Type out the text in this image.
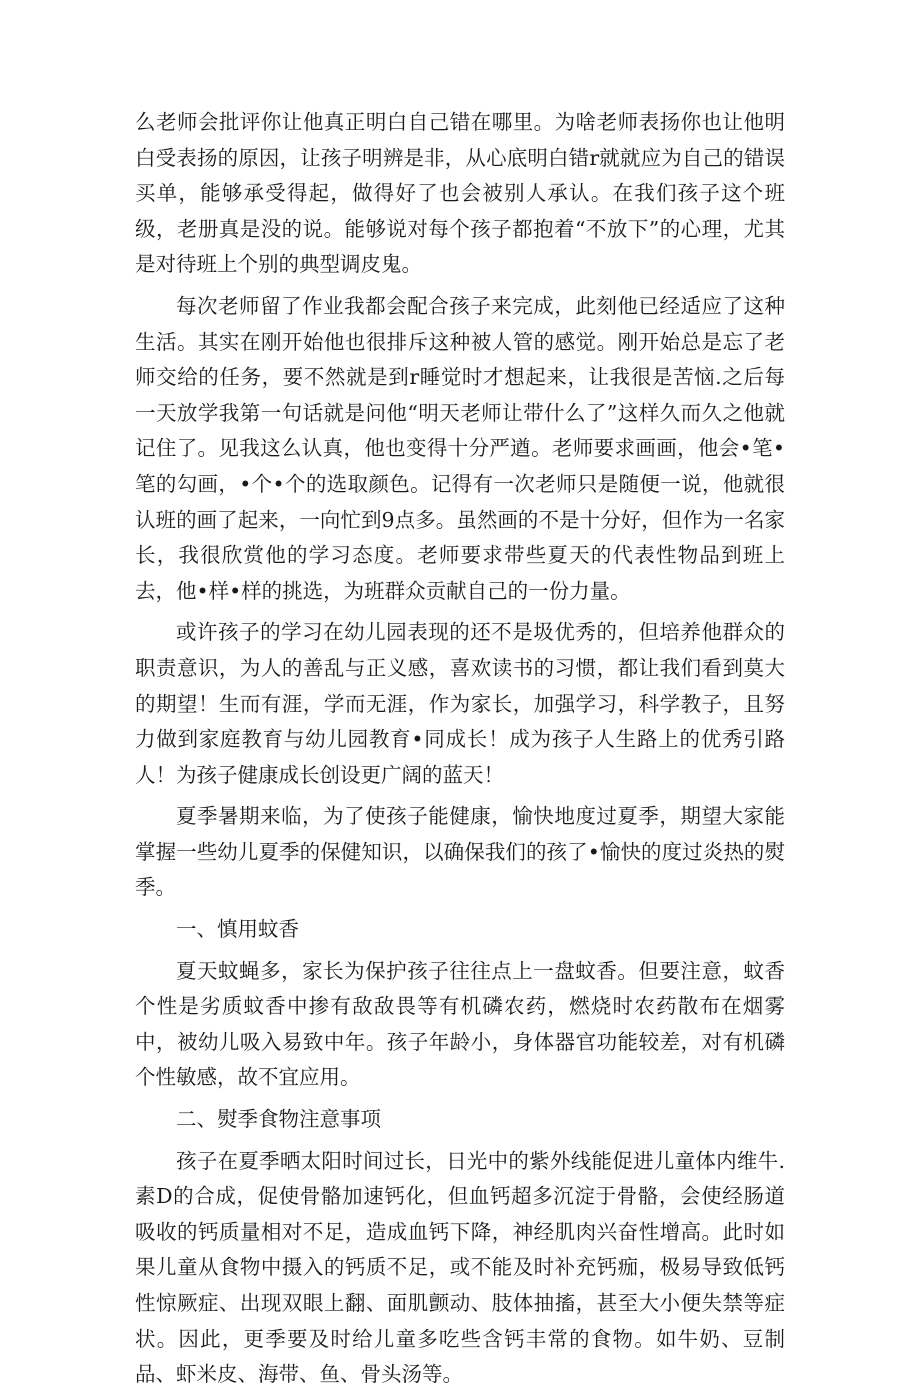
么老师会批评你让他真正明白自己错在哪里。为啥老师表扬你也让他明白受表扬的原因，让孩子明辨是非，从心底明白错r就就应为自己的错误买单，能够承受得起，做得好了也会被别人承认。在我们孩子这个班级，老册真是没的说。能够说对每个孩子都抱着“不放下”的心理，尤其是对待班上个别的典型调皮鬼。

每次老师留了作业我都会配合孩子来完成，此刻他已经适应了这种生活。其实在刚开始他也很排斥这种被人管的感觉。刚开始总是忘了老师交给的任务，要不然就是到r睡觉时才想起来，让我很是苦恼.之后每一天放学我第一句话就是问他“明天老师让带什么了”这样久而久之他就记住了。见我这么认真，他也变得十分严遒。老师要求画画，他会•笔•笔的勾画，•个•个的选取颜色。记得有一次老师只是随便一说，他就很认班的画了起来，一向忙到9点多。虽然画的不是十分好，但作为一名家长，我很欣赏他的学习态度。老师要求带些夏天的代表性物品到班上去，他•样•样的挑选，为班群众贡献自己的一份力量。

或许孩子的学习在幼儿园表现的还不是圾优秀的，但培养他群众的职责意识，为人的善乱与正义感，喜欢读书的习惯，都让我们看到莫大的期望！生而有涯，学而无涯，作为家长，加强学习，科学教子，且努力做到家庭教育与幼儿园教育•同成长！成为孩子人生路上的优秀引路人！为孩子健康成长创设更广阔的蓝天！

夏季暑期来临，为了使孩子能健康，愉快地度过夏季，期望大家能掌握一些幼儿夏季的保健知识，以确保我们的孩了•愉快的度过炎热的熨季。

一、慎用蚊香

夏天蚊蝇多，家长为保护孩子往往点上一盘蚊香。但要注意，蚊香个性是劣质蚊香中掺有敌敌畏等有机磷农药，燃烧时农药散布在烟雾中，被幼儿吸入易致中年。孩子年龄小，身体器官功能较差，对有机磷个性敏感，故不宜应用。

二、熨季食物注意事项

孩子在夏季晒太阳时间过长，日光中的紫外线能促进儿童体内维牛.素D的合成，促使骨骼加速钙化，但血钙超多沉淀于骨骼，会使经肠道吸收的钙质量相对不足，造成血钙下降，神经肌肉兴奋性增高。此时如果儿童从食物中摄入的钙质不足，或不能及时补充钙痂，极易导致低钙性惊厥症、出现双眼上翻、面肌颤动、肢体抽搐，甚至大小便失禁等症状。因此，更季要及时给儿童多吃些含钙丰常的食物。如牛奶、豆制品、虾米皮、海带、鱼、骨头汤等。
